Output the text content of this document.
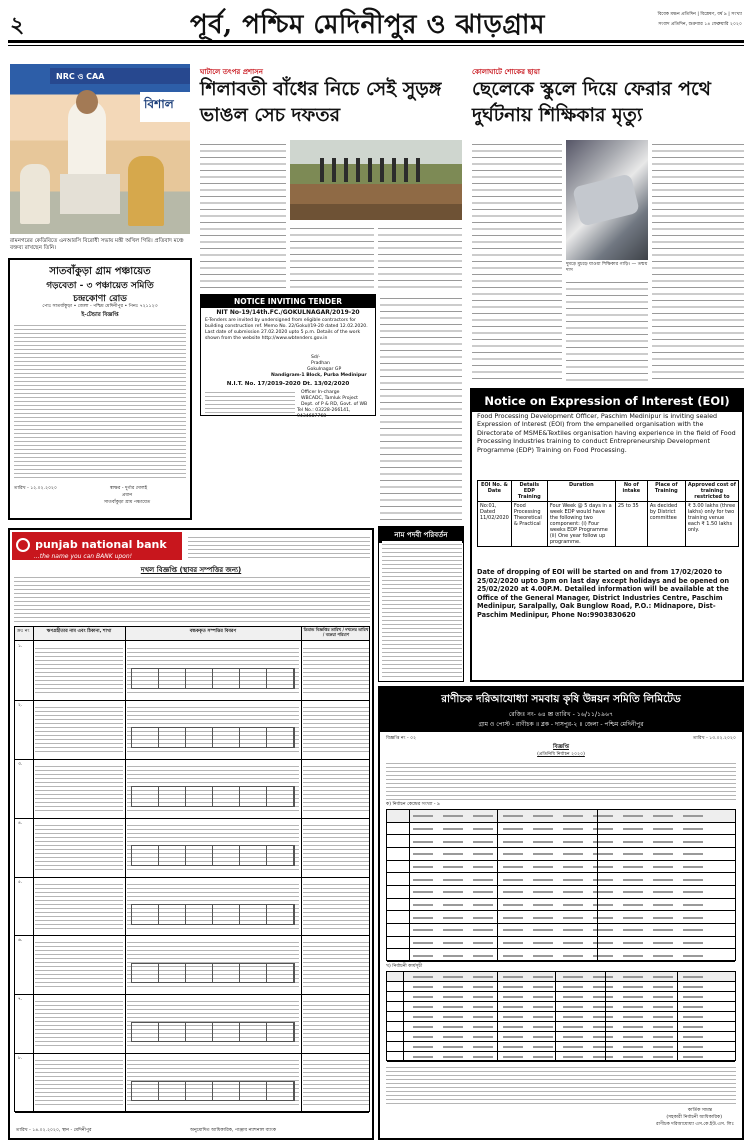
২	পূর্ব, পশ্চিম মেদিনীপুর ও ঝাড়গ্রাম	বিবেক মঞ্চন প্রতিদিন | বিশ্লেষণ, বর্ষ ৯ | সংখ্যা
সংবাদ প্রতিদিন, শুক্রবার ১৪ ফেব্রুয়ারি ২০২০
NRC ও CAA
বিশাল
রামনগরের কেডিবিতে এনআরসি বিরোধী সভায় মন্ত্রী অখিল গিরি। প্রতিবাদ মঞ্চে বক্তব্য রাখছেন তিনি।
সাতবাঁকুড়া গ্রাম পঞ্চায়েত
গড়বেতা - ৩ পঞ্চায়েত সমিতি
চন্দ্রকোণা রোড
পোঃ সাতবাঁকুড়া • জেলা - পশ্চিম মেদিনীপুর • পিনঃ ৭২১১২৩
ই-টেন্ডার বিজ্ঞপ্তি
তারিখ - ১২.০২.২০২০	স্বাক্ষর - দুর্গার দোলই
প্রধান
সাতবাঁকুড়া গ্রাম পঞ্চায়েত
ঘাটালে তৎপর প্রশাসন
শিলাবতী বাঁধের নিচে সেই সুড়ঙ্গ ভাঙল সেচ দফতর
NOTICE INVITING TENDER
NIT No-19/14th.FC./GOKULNAGAR/2019-20
E-Tenders are invited by undersigned from eligible contractors for building construction ref. Memo No. 22/Gokul/19-20 dated 12.02.2020. Last date of submission 27.02.2020 upto 5 p.m. Details of the work shown from the website http://www.wbtenders.gov.in
Sd/-
Pradhan
Gokulnagar GP
Nandigram-1 Block, Purba Medinipur
N.I.T. No. 17/2019-2020 Dt. 13/02/2020
Officer In-charge
WBCADC, Tamluk Project
Dept. of P & RD, Govt. of WB
Tel No.: 03228-266141, 9434687768
নাম পদবী পরিবর্তন
কোলাঘাটে শোকের ছায়া
ছেলেকে স্কুলে দিয়ে ফেরার পথে দুর্ঘটনায় শিক্ষিকার মৃত্যু
দুমড়ে মুচড়ে যাওয়া শিক্ষিকার গাড়ি। — তন্ময় দাস
Notice on Expression of Interest (EOI)
Food Processing Development Officer, Paschim Medinipur is inviting sealed Expression of Interest (EOI) from the empanelled organisation with the Directorate of MSME&Textiles organisation having experience in the field of Food Processing Industries training to conduct Entrepreneurship Development Programme (EDP) Training on Food Processing.
EOI No. & Date	Details EDP Training	Duration	No of intake	Place of Training	Approved cost of training restricted to
No:01, Dated 11/02/2020	Food Processing Theoretical & Practical	Four Week @ 5 days in a week EDP would have the following two component: (i) Four weeks EDP Programme (ii) One year follow up programme.	25 to 35	As decided by District committee	₹ 3.00 lakhs (three lakhs) only for two training venue each ₹ 1.50 lakhs only.
Date of dropping of EOI will be started on and from 17/02/2020 to 25/02/2020 upto 3pm on last day except holidays and be opened on 25/02/2020 at 4.00P.M. Detailed information will be available at the Office of the General Manager, District Industries Centre, Paschim Medinipur, Saralpally, Oak Bunglow Road, P.O.: Midnapore, Dist-Paschim Medinipur, Phone No:9903830620
punjab national bank
...the name you can BANK upon!
দখল বিজ্ঞপ্তি (স্থাবর সম্পত্তির জন্য)
ক্রঃ নং	ঋণগ্রহীতার নাম এবং ঠিকানা, শাখা	বন্ধককৃত সম্পত্তির বিবরণ	ডিমান্ড বিজ্ঞপ্তির তারিখ / দখলের তারিখ / বকেয়া পরিমাণ
১.
২.
৩.
৪.
৫.
৬.
৭.
৮.
তারিখ - ১৪.০২.২০২০, স্থান - মেদিনীপুর	অনুমোদিত আধিকারিক, পাঞ্জাব ন্যাশনাল ব্যাংক
রাণীচক দরিআযোধ্যা সমবায় কৃষি উন্নয়ন সমিতি লিমিটেড
রেজিঃ নং- ৬৪ ✉ তারিখ - ১৬/১১/১৯৬৭
গ্রাম ও পোস্ট - রাণীচক ॥ ব্লক - দাসপুর-২ ॥ জেলা - পশ্চিম মেদিনীপুর
বিজ্ঞপ্তি নং - ০২	তারিখ - ১৩.০২.২০২০
বিজ্ঞপ্তি
(প্রতিনিধি নির্বাচন ২০২০)
ক) নির্বাচন কেন্দ্রের সংখ্যা - ৯
খ) নির্বাচনী কার্যসূচী
কার্তিক সামন্ত
(সহকারী নির্বাচনী আধিকারিক)
রাণীচক দরিআযোধ্যা এস.কে.ইউ.এস. লিঃ
